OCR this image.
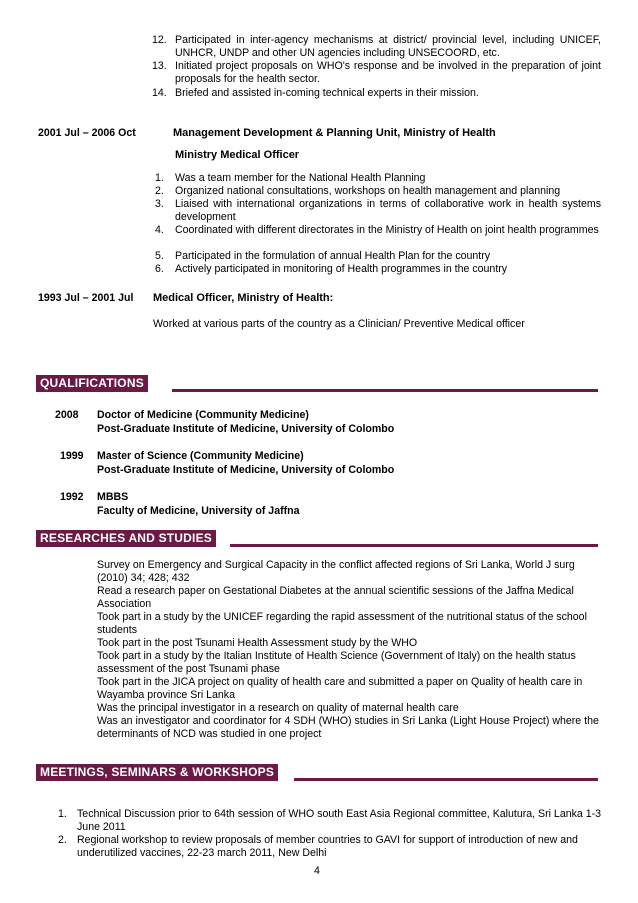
12. Participated in inter-agency mechanisms at district/ provincial level, including UNICEF, UNHCR, UNDP and other UN agencies including UNSECOORD, etc.
13. Initiated project proposals on WHO's response and be involved in the preparation of joint proposals for the health sector.
14. Briefed and assisted in-coming technical experts in their mission.
2001 Jul – 2006 Oct	Management Development & Planning Unit, Ministry of Health
Ministry Medical Officer
1. Was a team member for the National Health Planning
2. Organized national consultations, workshops on health management and planning
3. Liaised with international organizations in terms of collaborative work in health systems development
4. Coordinated with different directorates in the Ministry of Health on joint health programmes
5. Participated in the formulation of annual Health Plan for the country
6. Actively participated in monitoring of Health programmes in the country
1993 Jul – 2001 Jul Medical Officer, Ministry of Health:
Worked at various parts of the country as a Clinician/ Preventive Medical officer
QUALIFICATIONS
2008 Doctor of Medicine (Community Medicine)
Post-Graduate Institute of Medicine, University of Colombo
1999 Master of Science (Community Medicine)
Post-Graduate Institute of Medicine, University of Colombo
1992 MBBS
Faculty of Medicine, University of Jaffna
RESEARCHES AND STUDIES
Survey on Emergency and Surgical Capacity in the conflict affected regions of Sri Lanka, World J surg (2010) 34; 428; 432
Read a research paper on Gestational Diabetes at the annual scientific sessions of the Jaffna Medical Association
Took part in a study by the UNICEF regarding the rapid assessment of the nutritional status of the school students
Took part in the post Tsunami Health Assessment study by the WHO
Took part in a study by the Italian Institute of Health Science (Government of Italy) on the health status assessment of the post Tsunami phase
Took part in the JICA project on quality of health care and submitted a paper on Quality of health care in Wayamba province Sri Lanka
Was the principal investigator in a research on quality of maternal health care
Was an investigator and coordinator for 4 SDH (WHO) studies in Sri Lanka (Light House Project) where the determinants of NCD was studied in one project
MEETINGS, SEMINARS & WORKSHOPS
1. Technical Discussion prior to 64th session of WHO south East Asia Regional committee, Kalutura, Sri Lanka 1-3 June 2011
2. Regional workshop to review proposals of member countries to GAVI for support of introduction of new and underutilized vaccines, 22-23 march 2011, New Delhi
4
